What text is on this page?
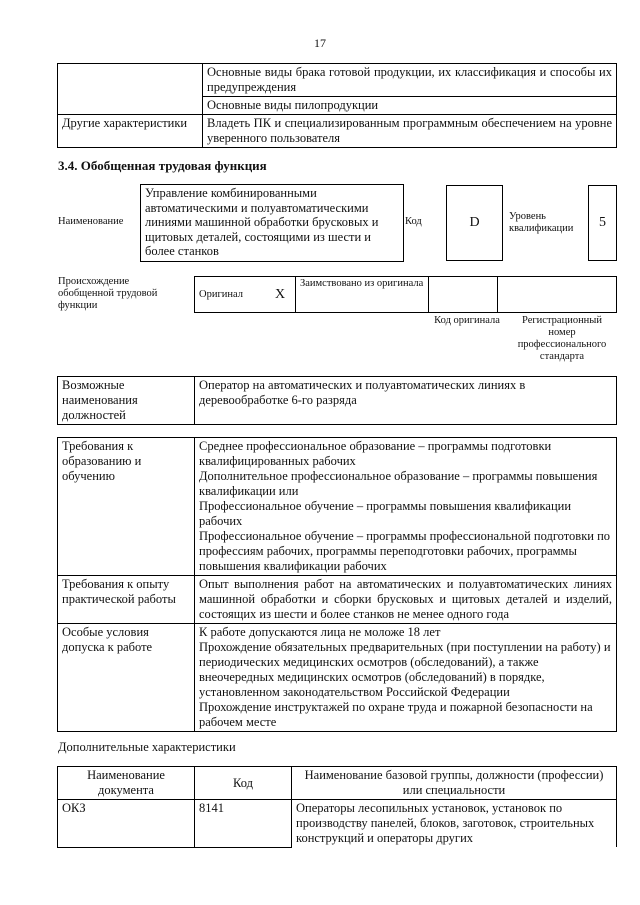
17
	Основные виды брака готовой продукции, их классификация и способы их предупреждения
	Основные виды пилопродукции
Другие характеристики	Владеть ПК и специализированным программным обеспечением на уровне уверенного пользователя
3.4. Обобщенная трудовая функция
Наименование
Управление комбинированными автоматическими и полуавтоматическими линиями машинной обработки брусковых и щитовых деталей, состоящими из шести и более станков
Код	D	Уровень квалификации	5
Происхождение обобщенной трудовой функции
Оригинал	X	Заимствовано из оригинала		
Код оригинала	Регистрационный номер профессионального стандарта
Возможные наименования должностей	Оператор на автоматических и полуавтоматических линиях в деревообработке 6-го разряда
Требования к образованию и обучению	Среднее профессиональное образование – программы подготовки квалифицированных рабочих
Дополнительное профессиональное образование – программы повышения квалификации или
Профессиональное обучение – программы повышения квалификации рабочих
Профессиональное обучение – программы профессиональной подготовки по профессиям рабочих, программы переподготовки рабочих, программы повышения квалификации рабочих

Требования к опыту практической работы	Опыт выполнения работ на автоматических и полуавтоматических линиях машинной обработки и сборки брусковых и щитовых деталей и изделий, состоящих из шести и более станков не менее одного года

Особые условия допуска к работе	К работе допускаются лица не моложе 18 лет
Прохождение обязательных предварительных (при поступлении на работу) и периодических медицинских осмотров (обследований), а также внеочередных медицинских осмотров (обследований) в порядке, установленном законодательством Российской Федерации
Прохождение инструктажей по охране труда и пожарной безопасности на рабочем месте
Дополнительные характеристики
Наименование документа	Код	Наименование базовой группы, должности (профессии) или специальности
ОКЗ	8141	Операторы лесопильных установок, установок по производству панелей, блоков, заготовок, строительных конструкций и операторы других
